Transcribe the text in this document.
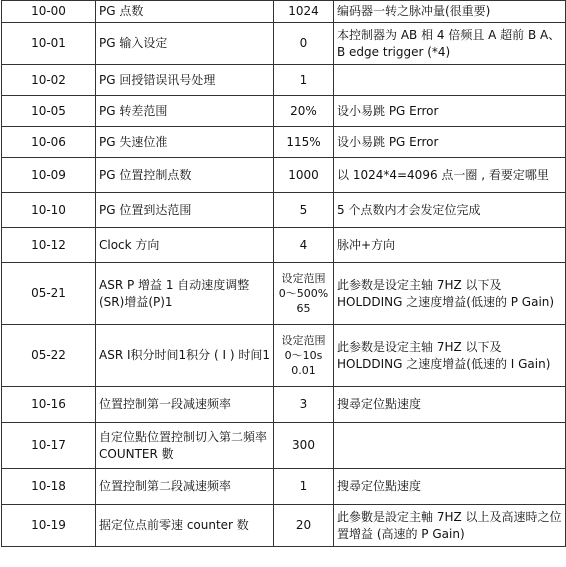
10-00	PG 点数	1024	编码器一转之脉冲量(很重要)
10-01	PG 输入设定	0	本控制器为 AB 相 4 倍频且 A 超前 B A、B edge trigger (*4)
10-02	PG 回授错误讯号处理	1	
10-05	PG 转差范围	20%	设小易跳 PG Error
10-06	PG 失速位准	115%	设小易跳 PG Error
10-09	PG 位置控制点数	1000	以 1024*4=4096 点一圈 , 看要定哪里
10-10	PG 位置到达范围	5	5 个点数内才会发定位完成
10-12	Clock 方向	4	脉冲+方向
05-21	ASR P 增益 1 自动速度调整(SR)增益(P)1	设定范围 0～500% 65	此参数是设定主轴 7HZ 以下及 HOLDDING 之速度增益(低速的 P Gain)
05-22	ASR I积分时间1积分 ( I ) 时间1	设定范围 0～10s 0.01	此参数是设定主轴 7HZ 以下及 HOLDDING 之速度增益(低速的 I Gain)
10-16	位置控制第一段减速频率	3	搜尋定位點速度
10-17	自定位點位置控制切入第二頻率 COUNTER 數	300	
10-18	位置控制第二段减速频率	1	搜尋定位點速度
10-19	据定位点前零速 counter 数	20	此參數是設定主軸 7HZ 以上及高速時之位置增益 (高速的 P Gain)
